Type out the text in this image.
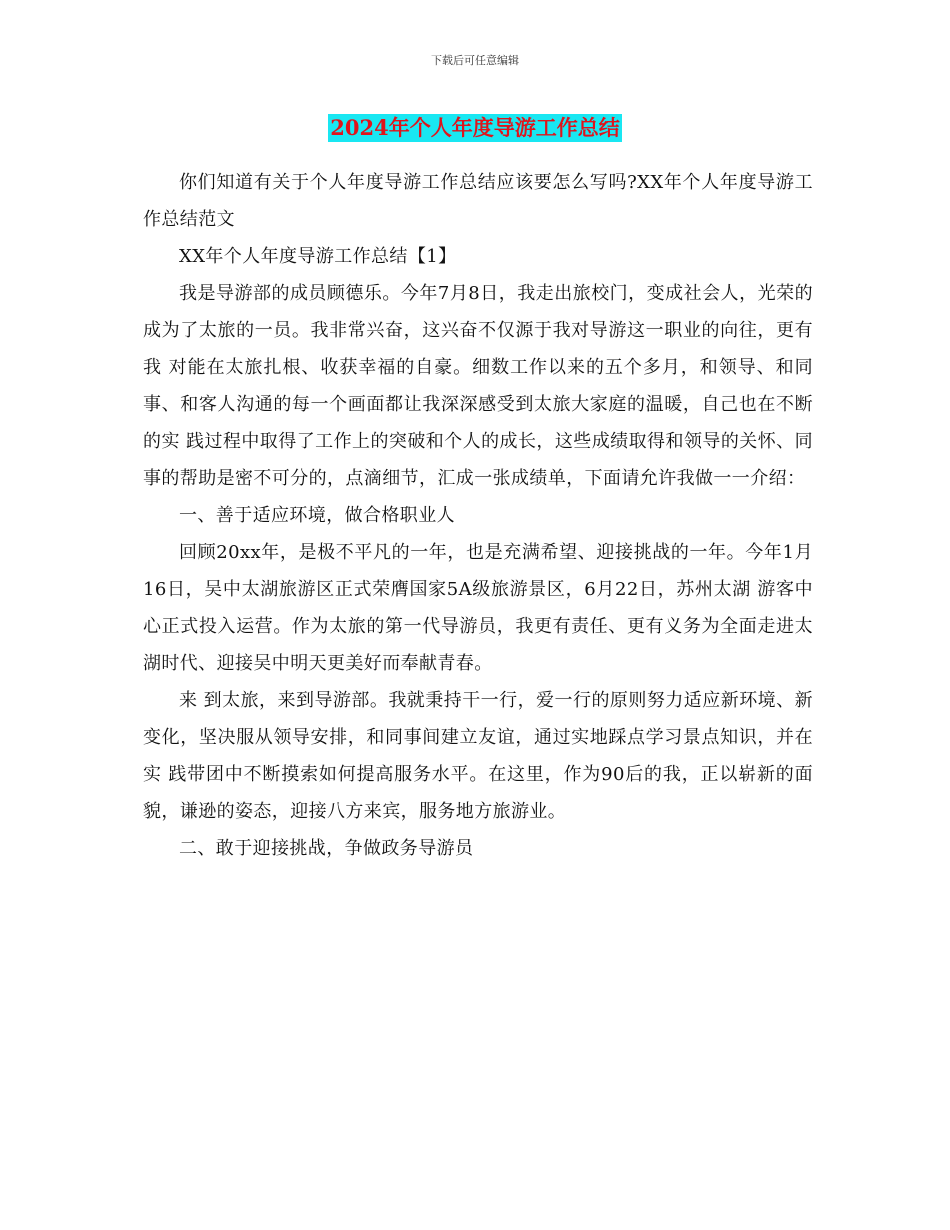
下载后可任意编辑
2024年个人年度导游工作总结

你们知道有关于个人年度导游工作总结应该要怎么写吗?XX年个人年度导游工作总结范文

XX年个人年度导游工作总结【1】

我是导游部的成员顾德乐。今年7月8日，我走出旅校门，变成社会人，光荣的成为了太旅的一员。我非常兴奋，这兴奋不仅源于我对导游这一职业的向往，更有我 对能在太旅扎根、收获幸福的自豪。细数工作以来的五个多月，和领导、和同事、和客人沟通的每一个画面都让我深深感受到太旅大家庭的温暖，自己也在不断的实 践过程中取得了工作上的突破和个人的成长，这些成绩取得和领导的关怀、同事的帮助是密不可分的，点滴细节，汇成一张成绩单，下面请允许我做一一介绍：

一、善于适应环境，做合格职业人

回顾20xx年，是极不平凡的一年，也是充满希望、迎接挑战的一年。今年1月16日，吴中太湖旅游区正式荣膺国家5A级旅游景区，6月22日，苏州太湖 游客中心正式投入运营。作为太旅的第一代导游员，我更有责任、更有义务为全面走进太湖时代、迎接吴中明天更美好而奉献青春。

来 到太旅，来到导游部。我就秉持干一行，爱一行的原则努力适应新环境、新变化，坚决服从领导安排，和同事间建立友谊，通过实地踩点学习景点知识，并在实 践带团中不断摸索如何提高服务水平。在这里，作为90后的我，正以崭新的面貌，谦逊的姿态，迎接八方来宾，服务地方旅游业。

二、敢于迎接挑战，争做政务导游员
